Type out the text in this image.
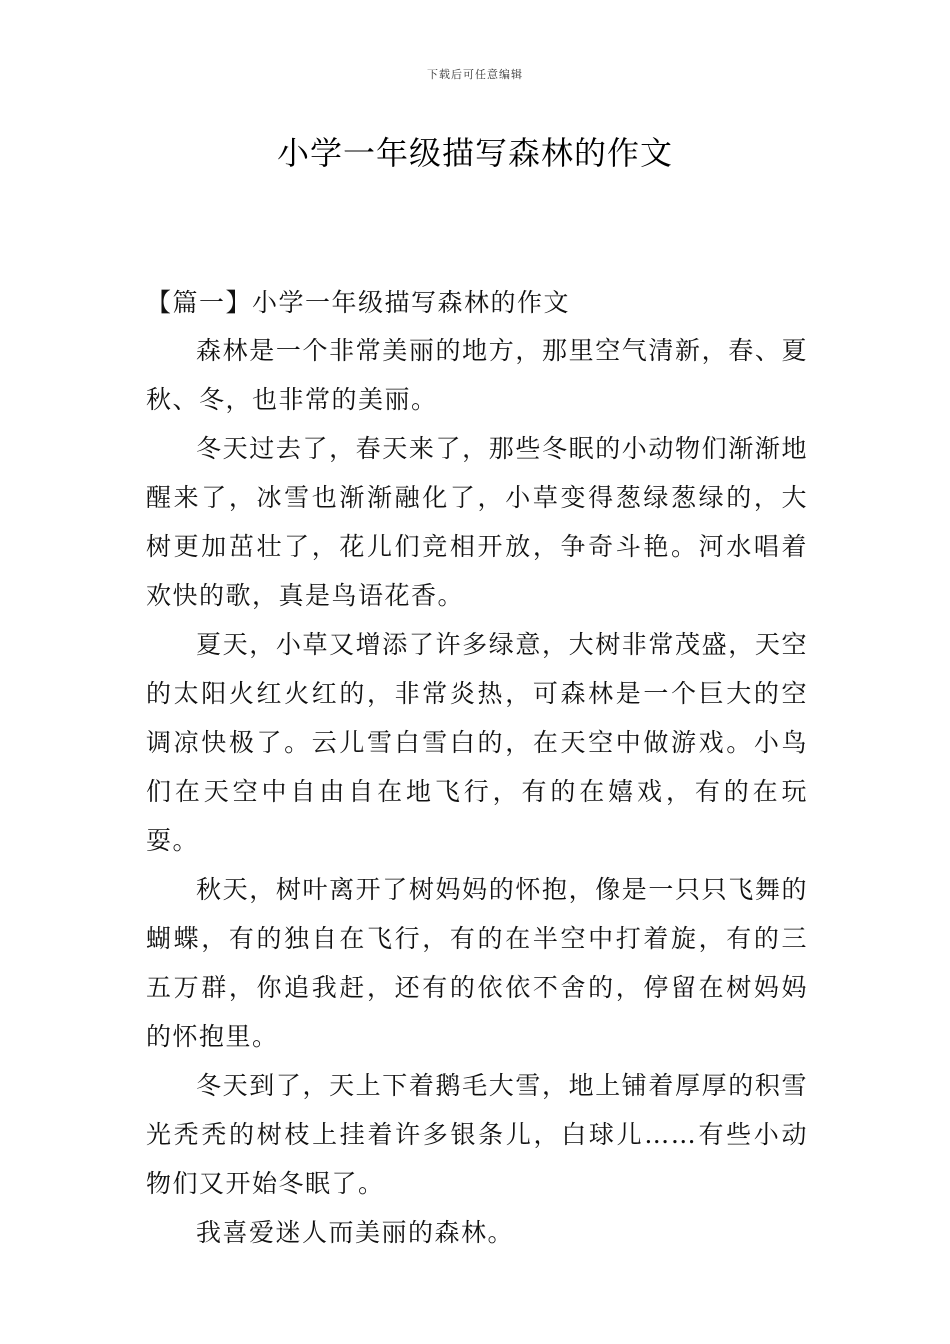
下载后可任意编辑
小学一年级描写森林的作文
【篇一】小学一年级描写森林的作文

森林是一个非常美丽的地方，那里空气清新，春、夏秋、冬，也非常的美丽。

冬天过去了，春天来了，那些冬眠的小动物们渐渐地醒来了，冰雪也渐渐融化了，小草变得葱绿葱绿的，大树更加茁壮了，花儿们竞相开放，争奇斗艳。河水唱着欢快的歌，真是鸟语花香。

夏天，小草又增添了许多绿意，大树非常茂盛，天空的太阳火红火红的，非常炎热，可森林是一个巨大的空调凉快极了。云儿雪白雪白的，在天空中做游戏。小鸟们在天空中自由自在地飞行，有的在嬉戏，有的在玩耍。

秋天，树叶离开了树妈妈的怀抱，像是一只只飞舞的蝴蝶，有的独自在飞行，有的在半空中打着旋，有的三五万群，你追我赶，还有的依依不舍的，停留在树妈妈的怀抱里。

冬天到了，天上下着鹅毛大雪，地上铺着厚厚的积雪光秃秃的树枝上挂着许多银条儿，白球儿……有些小动物们又开始冬眠了。

我喜爱迷人而美丽的森林。
